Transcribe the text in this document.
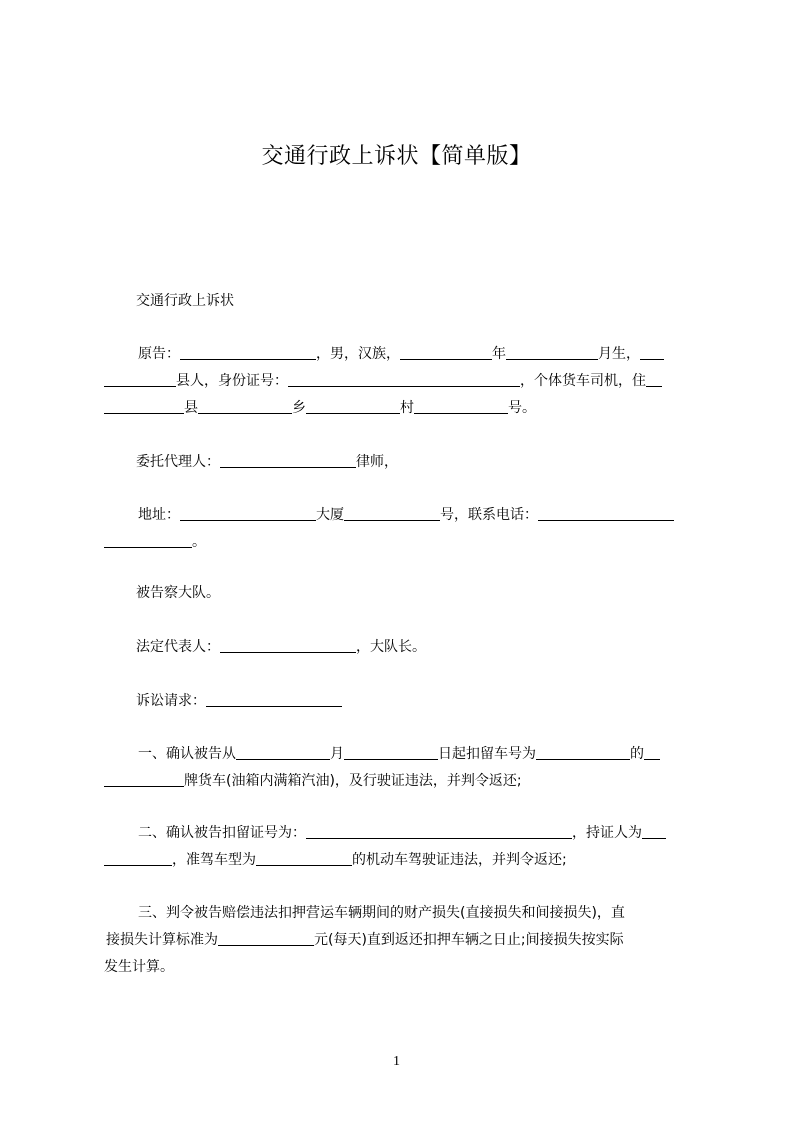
交通行政上诉状【简单版】
交通行政上诉状
原告：	，男，汉族，	年	月生，
县人，身份证号：	，个体货车司机，住
县	乡	村	号。
委托代理人：	律师，
地址：	大厦	号，联系电话：
。
被告察大队。
法定代表人：	，大队长。
诉讼请求：
一、确认被告从	月	日起扣留车号为	的
牌货车(油箱内满箱汽油)，及行驶证违法，并判令返还;
二、确认被告扣留证号为：	，持证人为
，准驾车型为	的机动车驾驶证违法，并判令返还;
三、判令被告赔偿违法扣押营运车辆期间的财产损失(直接损失和间接损失)，直
接损失计算标准为	元(每天)直到返还扣押车辆之日止;间接损失按实际
发生计算。
1
